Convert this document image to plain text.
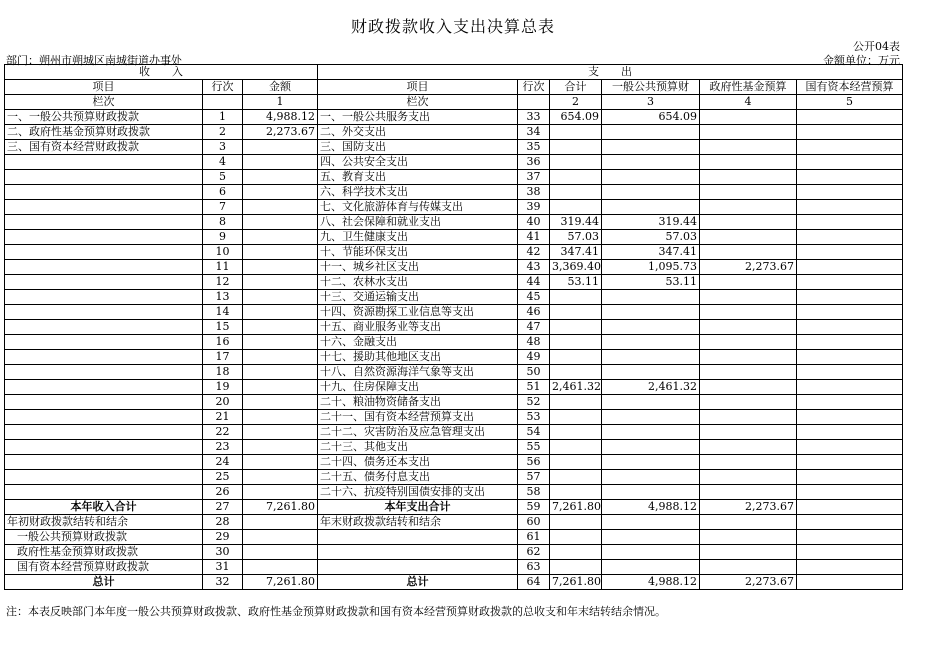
财政拨款收入支出决算总表
公开04表
部门：朔州市朔城区南城街道办事处	金额单位：万元
收　　入			支　　出					
项目	行次	金额	项目	行次	合计	一般公共预算财	政府性基金预算	国有资本经营预算
栏次		1	栏次		2	3	4	5
一、一般公共预算财政拨款	1	4,988.12	一、一般公共服务支出	33	654.09	654.09		
二、政府性基金预算财政拨款	2	2,273.67	二、外交支出	34				
三、国有资本经营财政拨款	3		三、国防支出	35				
	4		四、公共安全支出	36				
	5		五、教育支出	37				
	6		六、科学技术支出	38				
	7		七、文化旅游体育与传媒支出	39				
	8		八、社会保障和就业支出	40	319.44	319.44		
	9		九、卫生健康支出	41	57.03	57.03		
	10		十、节能环保支出	42	347.41	347.41		
	11		十一、城乡社区支出	43	3,369.40	1,095.73	2,273.67	
	12		十二、农林水支出	44	53.11	53.11		
	13		十三、交通运输支出	45				
	14		十四、资源勘探工业信息等支出	46				
	15		十五、商业服务业等支出	47				
	16		十六、金融支出	48				
	17		十七、援助其他地区支出	49				
	18		十八、自然资源海洋气象等支出	50				
	19		十九、住房保障支出	51	2,461.32	2,461.32		
	20		二十、粮油物资储备支出	52				
	21		二十一、国有资本经营预算支出	53				
	22		二十二、灾害防治及应急管理支出	54				
	23		二十三、其他支出	55				
	24		二十四、债务还本支出	56				
	25		二十五、债务付息支出	57				
	26		二十六、抗疫特别国债安排的支出	58				
本年收入合计	27	7,261.80	本年支出合计	59	7,261.80	4,988.12	2,273.67	
年初财政拨款结转和结余	28		年末财政拨款结转和结余	60				
一般公共预算财政拨款	29			61				
政府性基金预算财政拨款	30			62				
国有资本经营预算财政拨款	31			63				
总计	32	7,261.80	总计	64	7,261.80	4,988.12	2,273.67	
注：本表反映部门本年度一般公共预算财政拨款、政府性基金预算财政拨款和国有资本经营预算财政拨款的总收支和年末结转结余情况。
